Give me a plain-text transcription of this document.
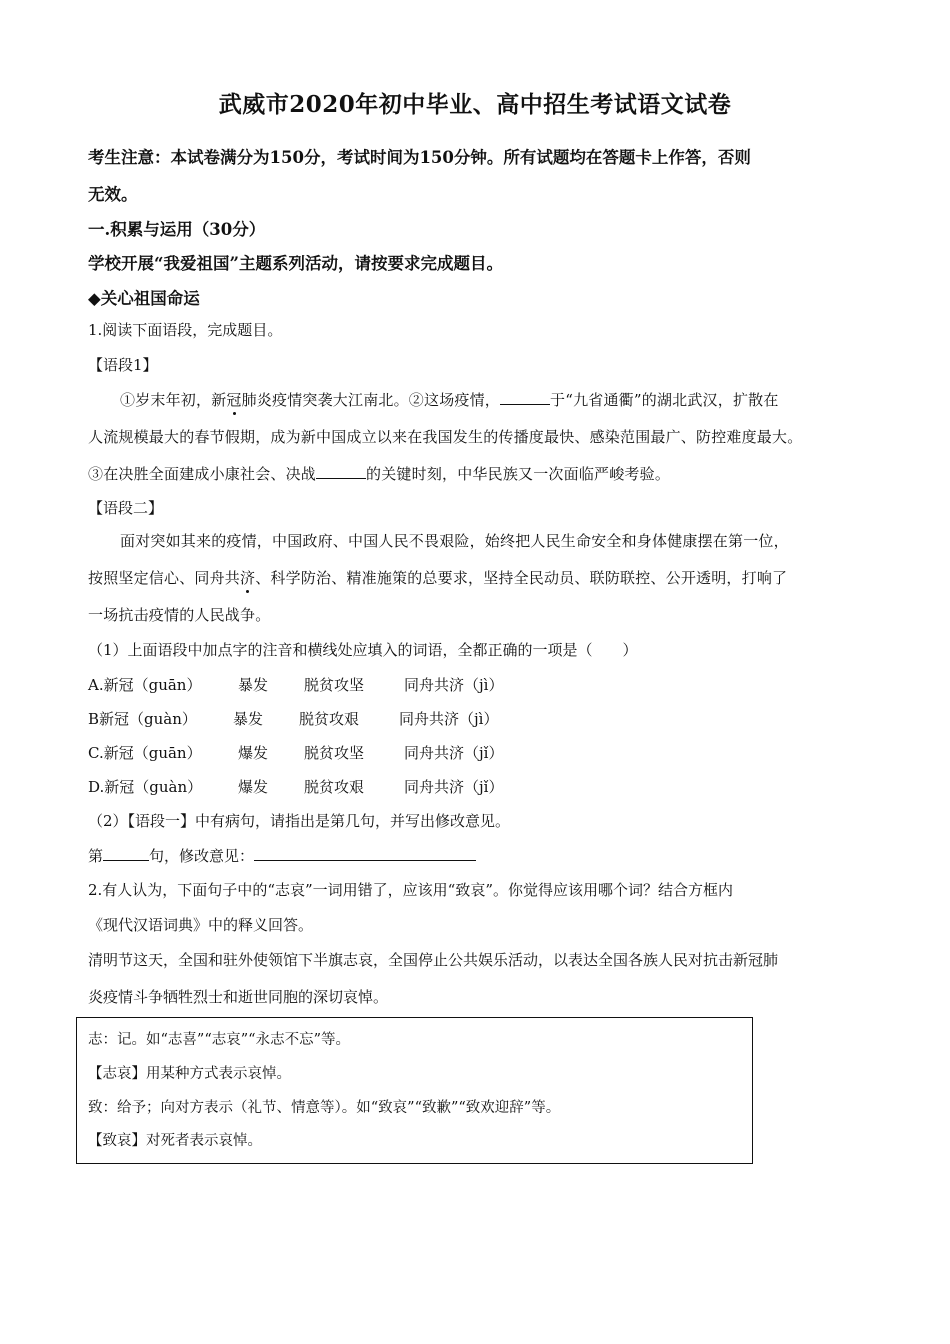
武威市2020年初中毕业、高中招生考试语文试卷
考生注意：本试卷满分为150分，考试时间为150分钟。所有试题均在答题卡上作答，否则
无效。
一.积累与运用（30分）
学校开展“我爱祖国”主题系列活动，请按要求完成题目。
◆关心祖国命运
1.阅读下面语段，完成题目。
【语段1】
①岁末年初，新冠肺炎疫情突袭大江南北。②这场疫情，	于“九省通衢”的湖北武汉，扩散在
人流规模最大的春节假期，成为新中国成立以来在我国发生的传播度最快、感染范围最广、防控难度最大。
③在决胜全面建成小康社会、决战	的关键时刻，中华民族又一次面临严峻考验。
【语段二】
面对突如其来的疫情，中国政府、中国人民不畏艰险，始终把人民生命安全和身体健康摆在第一位，
按照坚定信心、同舟共济、科学防治、精准施策的总要求，坚持全民动员、联防联控、公开透明，打响了
一场抗击疫情的人民战争。
（1）上面语段中加点字的注音和横线处应填入的词语，全都正确的一项是（　　）
A.新冠（guān） 暴发 脱贫攻坚	同舟共济（jì）
B新冠（guàn） 暴发 脱贫攻艰	同舟共济（jì）
C.新冠（guān） 爆发 脱贫攻坚	同舟共济（jǐ）
D.新冠（guàn） 爆发 脱贫攻艰	同舟共济（jǐ）
（2）【语段一】中有病句，请指出是第几句，并写出修改意见。
第	句，修改意见：
2.有人认为，下面句子中的“志哀”一词用错了，应该用“致哀”。你觉得应该用哪个词？结合方框内
《现代汉语词典》中的释义回答。
清明节这天，全国和驻外使领馆下半旗志哀，全国停止公共娱乐活动，以表达全国各族人民对抗击新冠肺
炎疫情斗争牺牲烈士和逝世同胞的深切哀悼。
志：记。如“志喜”“志哀”“永志不忘”等。
【志哀】用某种方式表示哀悼。
致：给予；向对方表示（礼节、情意等）。如“致哀”“致歉”“致欢迎辞”等。
【致哀】对死者表示哀悼。
